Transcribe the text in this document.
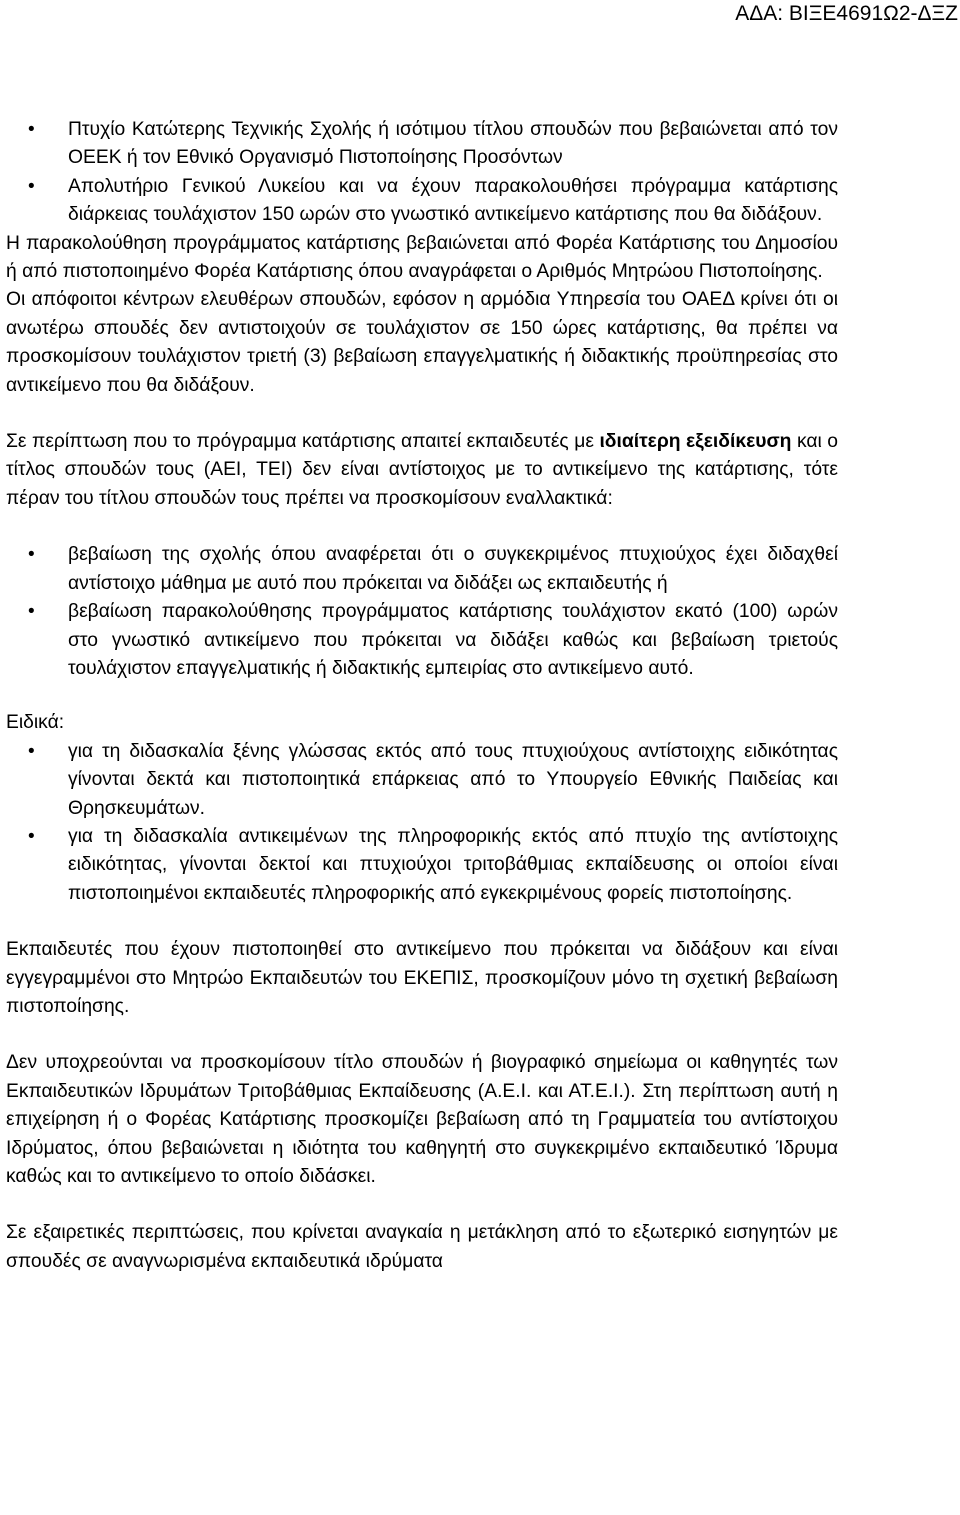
ΑΔΑ: ΒΙΞΕ4691Ω2-ΔΞΖ
• Πτυχίο Κατώτερης Τεχνικής Σχολής ή ισότιμου τίτλου σπουδών που βεβαιώνεται από τον ΟΕΕΚ ή τον Εθνικό Οργανισμό Πιστοποίησης Προσόντων
• Απολυτήριο Γενικού Λυκείου και να έχουν παρακολουθήσει πρόγραμμα κατάρτισης διάρκειας τουλάχιστον 150 ωρών στο γνωστικό αντικείμενο κατάρτισης που θα διδάξουν.

Η παρακολούθηση προγράμματος κατάρτισης βεβαιώνεται από Φορέα Κατάρτισης του Δημοσίου ή από πιστοποιημένο Φορέα Κατάρτισης όπου αναγράφεται ο Αριθμός Μητρώου Πιστοποίησης.

Οι απόφοιτοι κέντρων ελευθέρων σπουδών, εφόσον η αρμόδια Υπηρεσία του ΟΑΕΔ κρίνει ότι οι ανωτέρω σπουδές δεν αντιστοιχούν σε τουλάχιστον σε 150 ώρες κατάρτισης, θα πρέπει να προσκομίσουν τουλάχιστον τριετή (3) βεβαίωση επαγγελματικής ή διδακτικής προϋπηρεσίας στο αντικείμενο που θα διδάξουν.

Σε περίπτωση που το πρόγραμμα κατάρτισης απαιτεί εκπαιδευτές με ιδιαίτερη εξειδίκευση και ο τίτλος σπουδών τους (ΑΕΙ, ΤΕΙ) δεν είναι αντίστοιχος με το αντικείμενο της κατάρτισης, τότε πέραν του τίτλου σπουδών τους πρέπει να προσκομίσουν εναλλακτικά:

• βεβαίωση της σχολής όπου αναφέρεται ότι ο συγκεκριμένος πτυχιούχος έχει διδαχθεί αντίστοιχο μάθημα με αυτό που πρόκειται να διδάξει ως εκπαιδευτής ή
• βεβαίωση παρακολούθησης προγράμματος κατάρτισης τουλάχιστον εκατό (100) ωρών στο γνωστικό αντικείμενο που πρόκειται να διδάξει καθώς και βεβαίωση τριετούς τουλάχιστον επαγγελματικής ή διδακτικής εμπειρίας στο αντικείμενο αυτό.

Ειδικά:

• για τη διδασκαλία ξένης γλώσσας εκτός από τους πτυχιούχους αντίστοιχης ειδικότητας γίνονται δεκτά και πιστοποιητικά επάρκειας από το Υπουργείο Εθνικής Παιδείας και Θρησκευμάτων.
• για τη διδασκαλία αντικειμένων της πληροφορικής εκτός από πτυχίο της αντίστοιχης ειδικότητας, γίνονται δεκτοί και πτυχιούχοι τριτοβάθμιας εκπαίδευσης οι οποίοι είναι πιστοποιημένοι εκπαιδευτές πληροφορικής από εγκεκριμένους φορείς πιστοποίησης.

Εκπαιδευτές που έχουν πιστοποιηθεί στο αντικείμενο που πρόκειται να διδάξουν και είναι εγγεγραμμένοι στο Μητρώο Εκπαιδευτών του ΕΚΕΠΙΣ, προσκομίζουν μόνο τη σχετική βεβαίωση πιστοποίησης.

Δεν υποχρεούνται να προσκομίσουν τίτλο σπουδών ή βιογραφικό σημείωμα οι καθηγητές των Εκπαιδευτικών Ιδρυμάτων Τριτοβάθμιας Εκπαίδευσης (Α.Ε.Ι. και ΑΤ.Ε.Ι.). Στη περίπτωση αυτή η επιχείρηση ή ο Φορέας Κατάρτισης προσκομίζει βεβαίωση από τη Γραμματεία του αντίστοιχου Ιδρύματος, όπου βεβαιώνεται η ιδιότητα του καθηγητή στο συγκεκριμένο εκπαιδευτικό Ίδρυμα καθώς και το αντικείμενο το οποίο διδάσκει.

Σε εξαιρετικές περιπτώσεις, που κρίνεται αναγκαία η μετάκληση από το εξωτερικό εισηγητών με σπουδές σε αναγνωρισμένα εκπαιδευτικά ιδρύματα
